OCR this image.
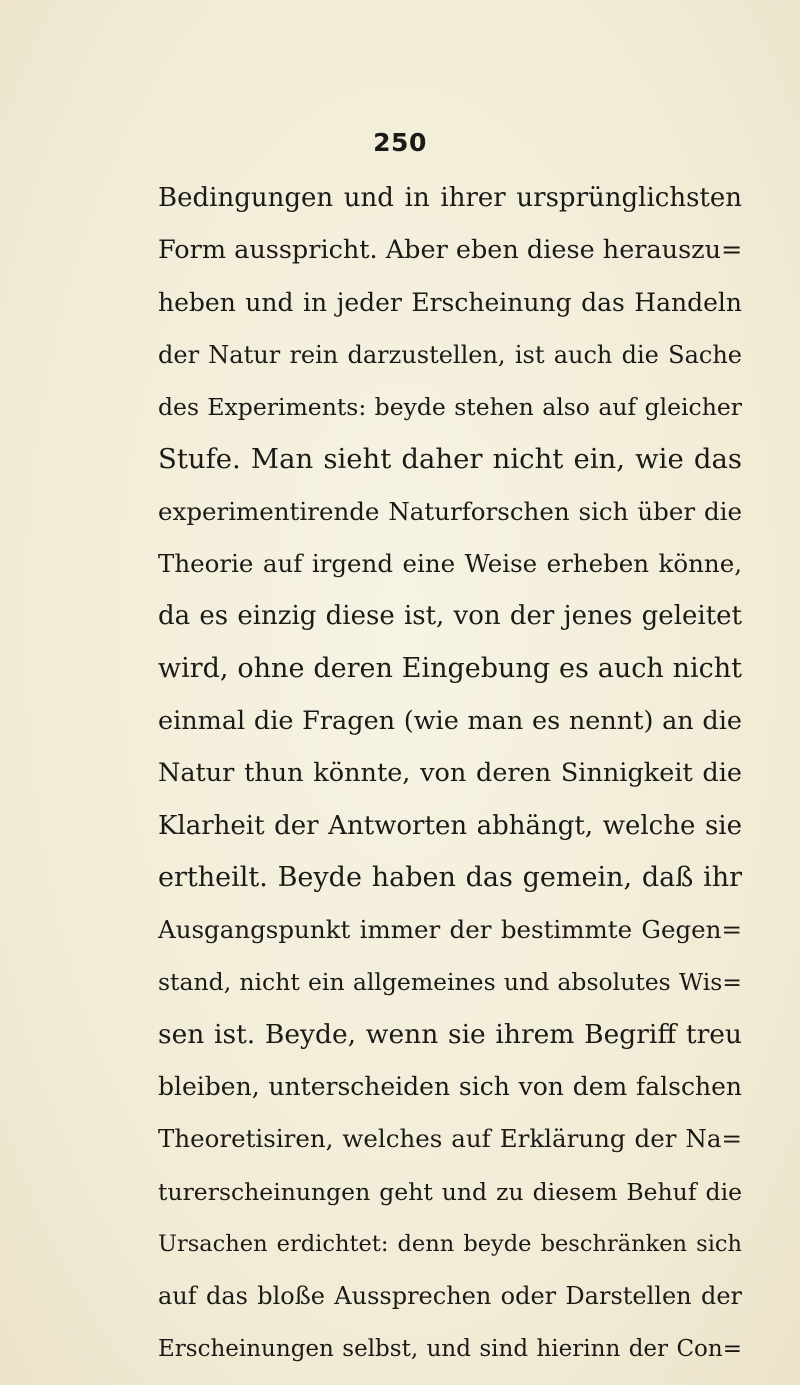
250
Bedingungen und in ihrer ursprünglichsten
Form ausspricht. Aber eben diese herauszu=
heben und in jeder Erscheinung das Handeln
der Natur rein darzustellen, ist auch die Sache
des Experiments: beyde stehen also auf gleicher
Stufe. Man sieht daher nicht ein, wie das
experimentirende Naturforschen sich über die
Theorie auf irgend eine Weise erheben könne,
da es einzig diese ist, von der jenes geleitet
wird, ohne deren Eingebung es auch nicht
einmal die Fragen (wie man es nennt) an die
Natur thun könnte, von deren Sinnigkeit die
Klarheit der Antworten abhängt, welche sie
ertheilt. Beyde haben das gemein, daß ihr
Ausgangspunkt immer der bestimmte Gegen=
stand, nicht ein allgemeines und absolutes Wis=
sen ist. Beyde, wenn sie ihrem Begriff treu
bleiben, unterscheiden sich von dem falschen
Theoretisiren, welches auf Erklärung der Na=
turerscheinungen geht und zu diesem Behuf die
Ursachen erdichtet: denn beyde beschränken sich
auf das bloße Aussprechen oder Darstellen der
Erscheinungen selbst, und sind hierinn der Con=
